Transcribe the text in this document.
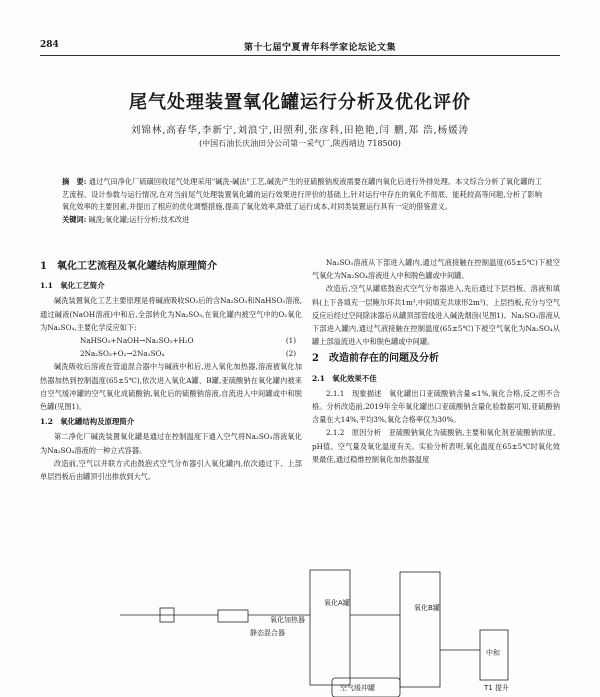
284	第十七届宁夏青年科学家论坛论文集
尾气处理装置氧化罐运行分析及优化评价
刘锦林,高春华,李新宁,刘浪宁,田照利,张彦科,田艳艳,闫 鹏,郑 浩,杨媛涛
(中国石油长庆油田分公司第一采气厂,陕西靖边 718500)
摘　要: 通过气田净化厂硫磺回收尾气处理采用"碱洗-碱法"工艺,碱洗产生的亚硫酸钠废液需要在罐内氧化后进行外排处理。本文综合分析了氧化罐的工艺流程、设计参数与运行情况,在对当前尾气处理装置氧化罐的运行效果进行评价的基础上,针对运行中存在的氧化不彻底、能耗较高等问题,分析了影响氧化效率的主要因素,并提出了相应的优化调整措施,提高了氧化效率,降低了运行成本,对同类装置运行具有一定的借鉴意义。
关键词: 碱洗;氧化罐;运行分析;技术改进
1　氧化工艺流程及氧化罐结构原理简介
1.1　氧化工艺简介

碱洗装置氧化工艺主要原理是将碱液吸收SO₂后的含Na₂SO₃和NaHSO₃溶液,通过碱液(NaOH溶液)中和后,全部转化为Na₂SO₃,在氧化罐内被空气中的O₂氧化为Na₂SO₄,主要化学反应如下:

NaHSO₃+NaOH→Na₂SO₃+H₂O	(1)
2Na₂SO₃+O₂→2Na₂SO₄	(2)

碱洗吸收后溶液在管道混合器中与碱液中和后,进入氧化加热器,溶液被氧化加热器加热到控制温度(65±5℃),依次进入氧化A罐、B罐,亚硫酸钠在氧化罐内被来自空气缓冲罐的空气氧化成硫酸钠,氧化后的硫酸钠溶液,自流进入中间罐或中和脱色罐(见图1)。

1.2　氧化罐结构及原理简介

第二净化厂碱洗装置氧化罐是通过在控制温度下通入空气将Na₂SO₃溶液氧化为Na₂SO₄溶液的一种立式容器。

改造前,空气以并联方式由鼓泡式空气分布器引入氧化罐内,依次通过下、上部单层挡板后由罐顶引出排放到大气。

Na₂SO₃溶液从下部进入罐内,通过气液接触在控制温度(65±5℃)下被空气氧化为Na₂SO₄溶液进入中和脱色罐或中间罐。

改造后,空气从罐底鼓泡式空气分布器进入,先后通过下层挡板、溶液和填料(上下各填充一层鲍尔环共1m³,中间填充共球形2m³)、上层挡板,充分与空气反应后经过空间除沫器后从罐顶部管线进入碱洗烟囱(见图1)。Na₂SO₃溶液从下部进入罐内,通过气液接触在控制温度(65±5℃)下被空气氧化为Na₂SO₄从罐上部溢流进入中和脱色罐或中间罐。

2　改造前存在的问题及分析
2.1　氧化效果不佳

2.1.1　现象描述　氧化罐出口亚硫酸钠含量≤1%,氧化合格,反之则不合格。分析改造前,2019年全年氧化罐出口亚硫酸钠含量化验数据可知,亚硫酸钠含量在大14%,平均3%,氧化合格率仅为30%。

2.1.2　原因分析　亚硫酸钠氧化为硫酸钠,主要和氧化剂亚硫酸钠浓度、pH值、空气量及氧化温度有关。实验分析表明,氧化温度在65±5℃时氧化效果最佳,通过稳维控制氧化加热器温度

静态混合器
氧化加热器
氧化A罐
氧化B罐
中和
空气缓冲罐	T1 提升
